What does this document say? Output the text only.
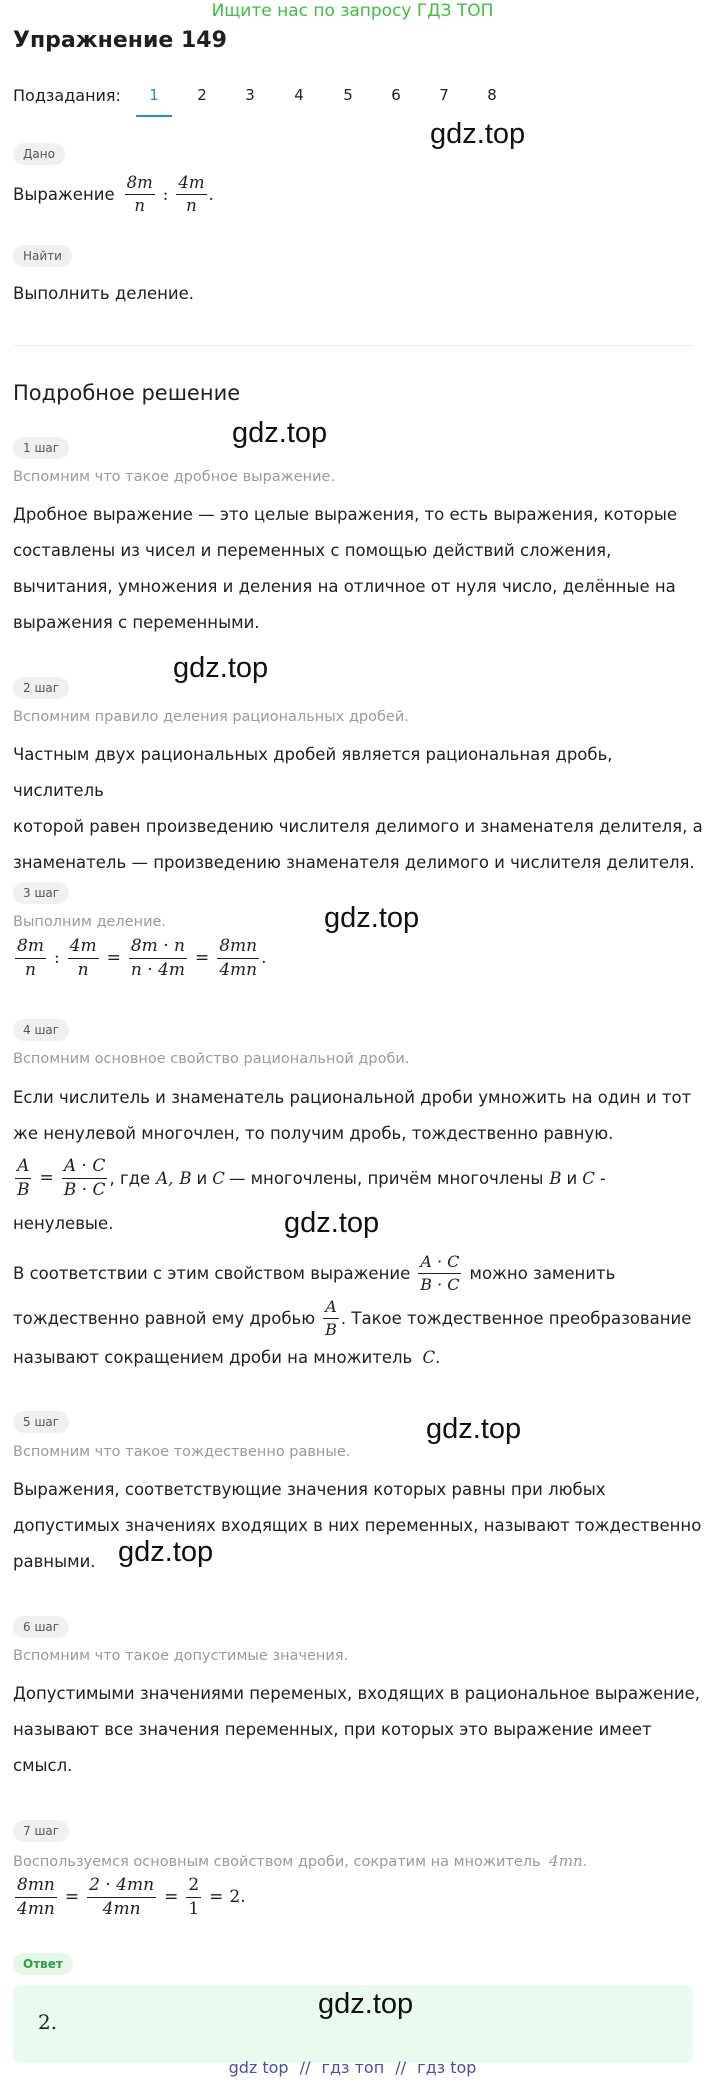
Ищите нас по запросу ГДЗ ТОП
Упражнение 149
Подзадания:	1	2	3	4	5	6	7	8
Дано
gdz.top
Выражение $\frac{8m}{n}$ : $\frac{4m}{n}$ .
Найти
Выполнить деление.
Подробное решение
1 шаг	gdz.top
Вспомним что такое дробное выражение.
Дробное выражение — это целые выражения, то есть выражения, которые
составлены из чисел и переменных с помощью действий сложения,
вычитания, умножения и деления на отличное от нуля число, делённые на
выражения с переменными.
gdz.top
2 шаг
Вспомним правило деления рациональных дробей.
Частным двух рациональных дробей является рациональная дробь, числитель
которой равен произведению числителя делимого и знаменателя делителя, а
знаменатель — произведению знаменателя делимого и числителя делителя.
3 шаг
gdz.top
Выполним деление.
$\frac{8m}{n}$ : $\frac{4m}{n} = \frac{8m \cdot n}{n \cdot 4m} = \frac{8mn}{4mn}$ .
4 шаг
Вспомним основное свойство рациональной дроби.
Если числитель и знаменатель рациональной дроби умножить на один и тот
же ненулевой многочлен, то получим дробь, тождественно равную.
$\frac{A}{B} = \frac{A \cdot C}{B \cdot C}$ , где A, B и C — многочлены, причём многочлены B и C -
ненулевые.	gdz.top
В соответствии с этим свойством выражение $\frac{A \cdot C}{B \cdot C}$ можно заменить
тождественно равной ему дробью $\frac{A}{B}$ . Такое тождественное преобразование
называют сокращением дроби на множитель C.
5 шаг	gdz.top
Вспомним что такое тождественно равные.
Выражения, соответствующие значения которых равны при любых
допустимых значениях входящих в них переменных, называют тождественно
равными. gdz.top
6 шаг
Вспомним что такое допустимые значения.
Допустимыми значениями переменых, входящих в рациональное выражение,
называют все значения переменных, при которых это выражение имеет
смысл.
7 шаг
Воспользуемся основным свойством дроби, сократим на множитель 4mn.
$\frac{8mn}{4mn} = \frac{2 \cdot 4mn}{4mn} = \frac{2}{1} = 2$.
Ответ
gdz.top
2.
gdz top // гдз топ // гдз top
